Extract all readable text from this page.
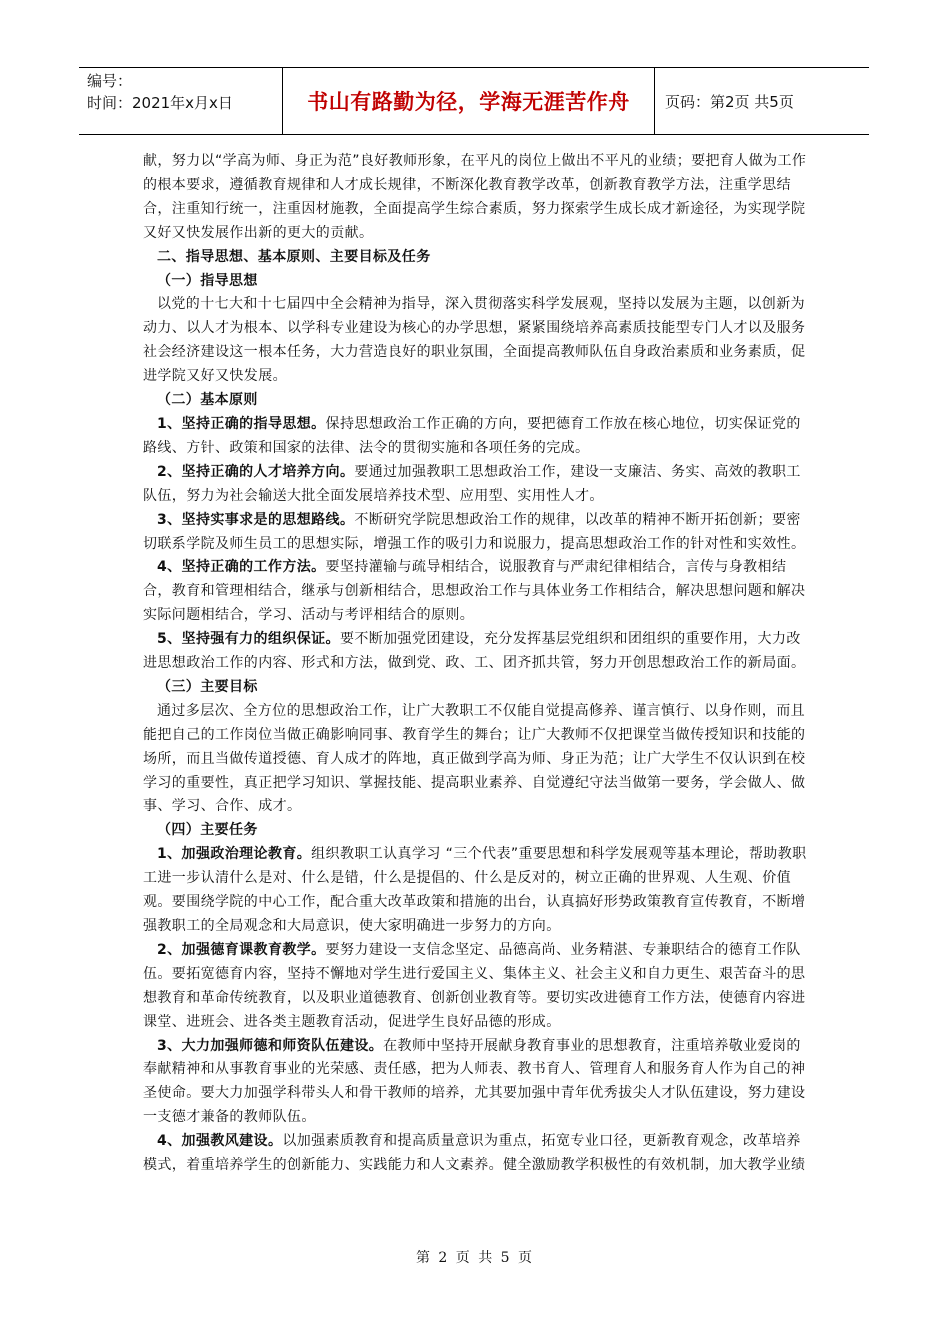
编号：
时间：2021年x月x日	书山有路勤为径，学海无涯苦作舟	页码：第2页 共5页

献，努力以“学高为师、身正为范”良好教师形象，在平凡的岗位上做出不平凡的业绩；要把育人做为工作的根本要求，遵循教育规律和人才成长规律，不断深化教育教学改革，创新教育教学方法，注重学思结合，注重知行统一，注重因材施教，全面提高学生综合素质，努力探索学生成长成才新途径，为实现学院又好又快发展作出新的更大的贡献。

二、指导思想、基本原则、主要目标及任务

（一）指导思想

以党的十七大和十七届四中全会精神为指导，深入贯彻落实科学发展观，坚持以发展为主题，以创新为动力、以人才为根本、以学科专业建设为核心的办学思想，紧紧围绕培养高素质技能型专门人才以及服务社会经济建设这一根本任务，大力营造良好的职业氛围，全面提高教师队伍自身政治素质和业务素质，促进学院又好又快发展。

（二）基本原则

1、坚持正确的指导思想。保持思想政治工作正确的方向，要把德育工作放在核心地位，切实保证党的路线、方针、政策和国家的法律、法令的贯彻实施和各项任务的完成。

2、坚持正确的人才培养方向。要通过加强教职工思想政治工作，建设一支廉洁、务实、高效的教职工队伍，努力为社会输送大批全面发展培养技术型、应用型、实用性人才。

3、坚持实事求是的思想路线。不断研究学院思想政治工作的规律，以改革的精神不断开拓创新；要密切联系学院及师生员工的思想实际，增强工作的吸引力和说服力，提高思想政治工作的针对性和实效性。

4、坚持正确的工作方法。要坚持灌输与疏导相结合，说服教育与严肃纪律相结合，言传与身教相结合，教育和管理相结合，继承与创新相结合，思想政治工作与具体业务工作相结合，解决思想问题和解决实际问题相结合，学习、活动与考评相结合的原则。

5、坚持强有力的组织保证。要不断加强党团建设，充分发挥基层党组织和团组织的重要作用，大力改进思想政治工作的内容、形式和方法，做到党、政、工、团齐抓共管，努力开创思想政治工作的新局面。

（三）主要目标

通过多层次、全方位的思想政治工作，让广大教职工不仅能自觉提高修养、谨言慎行、以身作则，而且能把自己的工作岗位当做正确影响同事、教育学生的舞台；让广大教师不仅把课堂当做传授知识和技能的场所，而且当做传道授德、育人成才的阵地，真正做到学高为师、身正为范；让广大学生不仅认识到在校学习的重要性，真正把学习知识、掌握技能、提高职业素养、自觉遵纪守法当做第一要务，学会做人、做事、学习、合作、成才。

（四）主要任务

1、加强政治理论教育。组织教职工认真学习 “三个代表”重要思想和科学发展观等基本理论，帮助教职工进一步认清什么是对、什么是错，什么是提倡的、什么是反对的，树立正确的世界观、人生观、价值观。要围绕学院的中心工作，配合重大改革政策和措施的出台，认真搞好形势政策教育宣传教育，不断增强教职工的全局观念和大局意识，使大家明确进一步努力的方向。

2、加强德育课教育教学。要努力建设一支信念坚定、品德高尚、业务精湛、专兼职结合的德育工作队伍。要拓宽德育内容，坚持不懈地对学生进行爱国主义、集体主义、社会主义和自力更生、艰苦奋斗的思想教育和革命传统教育，以及职业道德教育、创新创业教育等。要切实改进德育工作方法，使德育内容进课堂、进班会、进各类主题教育活动，促进学生良好品德的形成。

3、大力加强师德和师资队伍建设。在教师中坚持开展献身教育事业的思想教育，注重培养敬业爱岗的奉献精神和从事教育事业的光荣感、责任感，把为人师表、教书育人、管理育人和服务育人作为自己的神圣使命。要大力加强学科带头人和骨干教师的培养，尤其要加强中青年优秀拔尖人才队伍建设，努力建设一支德才兼备的教师队伍。

4、加强教风建设。以加强素质教育和提高质量意识为重点，拓宽专业口径，更新教育观念，改革培养模式，着重培养学生的创新能力、实践能力和人文素养。健全激励教学积极性的有效机制，加大教学业绩

第 2 页 共 5 页
